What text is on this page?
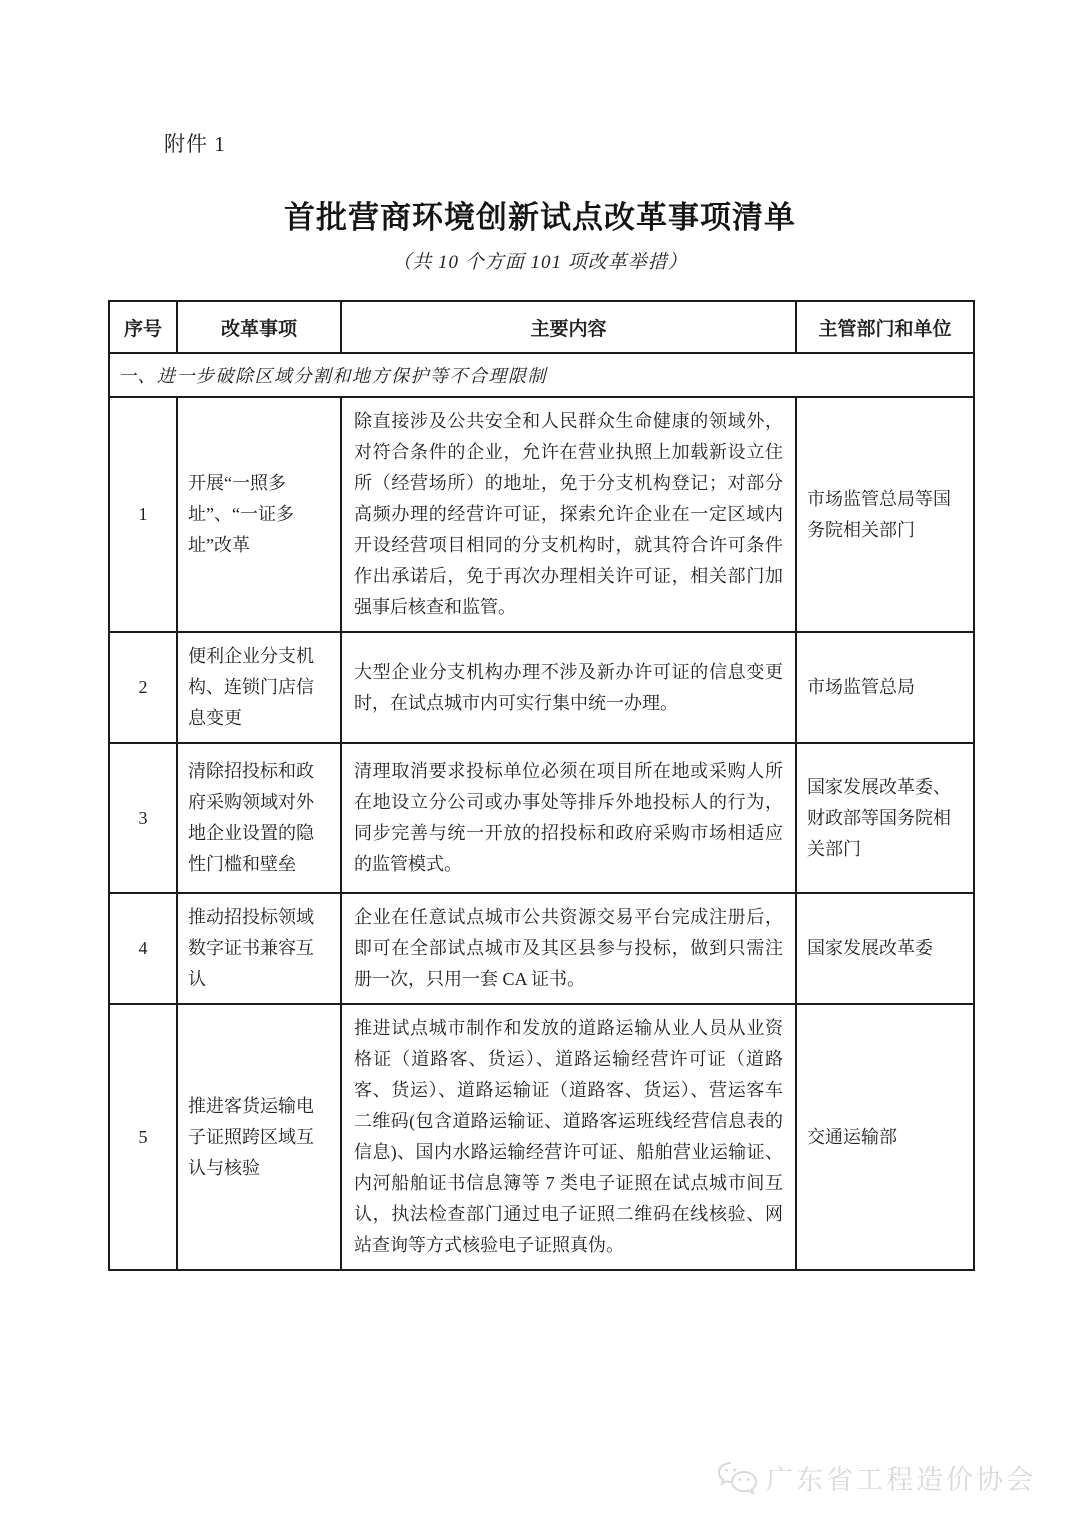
附件 1
首批营商环境创新试点改革事项清单
（共 10 个方面 101 项改革举措）
序号	改革事项	主要内容	主管部门和单位
一、进一步破除区域分割和地方保护等不合理限制			
1	开展“一照多址”、“一证多址”改革	除直接涉及公共安全和人民群众生命健康的领域外，对符合条件的企业，允许在营业执照上加载新设立住所（经营场所）的地址，免于分支机构登记；对部分高频办理的经营许可证，探索允许企业在一定区域内开设经营项目相同的分支机构时，就其符合许可条件作出承诺后，免于再次办理相关许可证，相关部门加强事后核查和监管。	市场监管总局等国务院相关部门
2	便利企业分支机构、连锁门店信息变更	大型企业分支机构办理不涉及新办许可证的信息变更时，在试点城市内可实行集中统一办理。	市场监管总局
3	清除招投标和政府采购领域对外地企业设置的隐性门槛和壁垒	清理取消要求投标单位必须在项目所在地或采购人所在地设立分公司或办事处等排斥外地投标人的行为，同步完善与统一开放的招投标和政府采购市场相适应的监管模式。	国家发展改革委、财政部等国务院相关部门
4	推动招投标领域数字证书兼容互认	企业在任意试点城市公共资源交易平台完成注册后，即可在全部试点城市及其区县参与投标，做到只需注册一次，只用一套 CA 证书。	国家发展改革委
5	推进客货运输电子证照跨区域互认与核验	推进试点城市制作和发放的道路运输从业人员从业资格证（道路客、货运）、道路运输经营许可证（道路客、货运）、道路运输证（道路客、货运）、营运客车二维码(包含道路运输证、道路客运班线经营信息表的信息)、国内水路运输经营许可证、船舶营业运输证、内河船舶证书信息簿等 7 类电子证照在试点城市间互认，执法检查部门通过电子证照二维码在线核验、网站查询等方式核验电子证照真伪。	交通运输部
广东省工程造价协会
